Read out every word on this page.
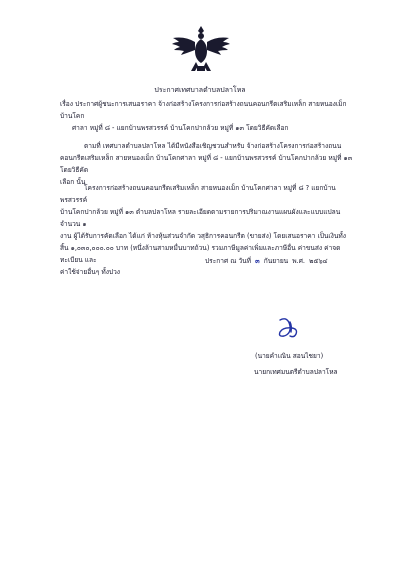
ประกาศเทศบาลตำบลปลาโหล
เรื่อง ประกาศผู้ชนะการเสนอราคา จ้างก่อสร้างโครงการก่อสร้างถนนคอนกรีตเสริมเหล็ก สายหนองเม็ก บ้านโคก
ศาลา หมู่ที่ ๘ - แยกบ้านพรสวรรค์ บ้านโคกปากล้วย หมู่ที่ ๑๓ โดยวิธีคัดเลือก
ตามที่ เทศบาลตำบลปลาโหล ได้มีหนังสือเชิญชวนสำหรับ จ้างก่อสร้างโครงการก่อสร้างถนน
คอนกรีตเสริมเหล็ก สายหนองเม็ก บ้านโคกศาลา หมู่ที่ ๘ - แยกบ้านพรสวรรค์ บ้านโคกปากล้วย หมู่ที่ ๑๓ โดยวิธีคัด
เลือก นั้น
โครงการก่อสร้างถนนคอนกรีตเสริมเหล็ก สายหนองเม็ก บ้านโคกศาลา หมู่ที่ ๘ ? แยกบ้านพรสวรรค์
บ้านโคกปากล้วย หมู่ที่ ๑๓ ตำบลปลาโหล รายละเอียดตามรายการปริมาณงานแผนผังและแบบแปลน จำนวน ๑
งาน ผู้ได้รับการคัดเลือก ได้แก่ ห้างหุ้นส่วนจำกัด วสุธิการคอนกรีต (ขายส่ง) โดยเสนอราคา เป็นเงินทั้ง
สิ้น ๑,๐๓๐,๐๐๐.๐๐ บาท (หนึ่งล้านสามหมื่นบาทถ้วน) รวมภาษีมูลค่าเพิ่มและภาษีอื่น ค่าขนส่ง ค่าจดทะเบียน และ
ค่าใช้จ่ายอื่นๆ ทั้งปวง
ประกาศ ณ วันที่ ๓ กันยายน พ.ศ. ๒๕๖๔
(นายคำเณิน สอนไชยา)
นายกเทศมนตรีตำบลปลาโหล
